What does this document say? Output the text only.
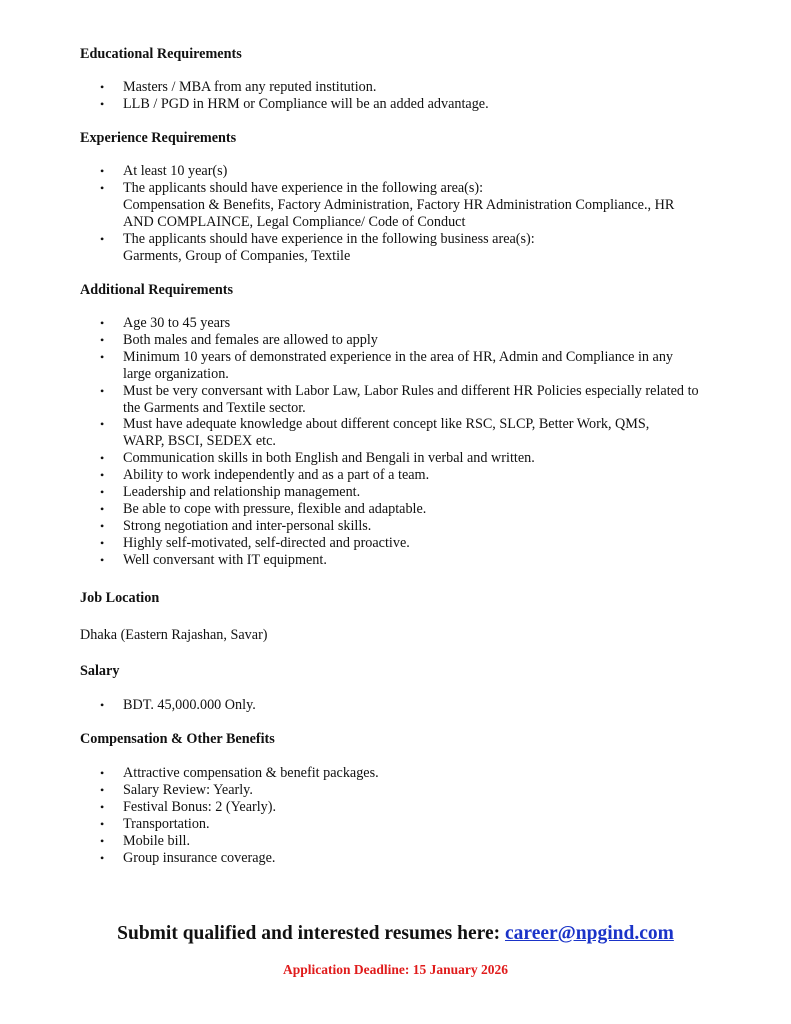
Educational Requirements
• Masters / MBA from any reputed institution.
• LLB / PGD in HRM or Compliance will be an added advantage.
Experience Requirements
• At least 10 year(s)
• The applicants should have experience in the following area(s):
Compensation & Benefits, Factory Administration, Factory HR Administration Compliance., HR AND COMPLAINCE, Legal Compliance/ Code of Conduct
• The applicants should have experience in the following business area(s):
Garments, Group of Companies, Textile
Additional Requirements
• Age 30 to 45 years
• Both males and females are allowed to apply
• Minimum 10 years of demonstrated experience in the area of HR, Admin and Compliance in any large organization.
• Must be very conversant with Labor Law, Labor Rules and different HR Policies especially related to the Garments and Textile sector.
• Must have adequate knowledge about different concept like RSC, SLCP, Better Work, QMS, WARP, BSCI, SEDEX etc.
• Communication skills in both English and Bengali in verbal and written.
• Ability to work independently and as a part of a team.
• Leadership and relationship management.
• Be able to cope with pressure, flexible and adaptable.
• Strong negotiation and inter-personal skills.
• Highly self-motivated, self-directed and proactive.
• Well conversant with IT equipment.
Job Location

Dhaka (Eastern Rajashan, Savar)

Salary
• BDT. 45,000.000 Only.
Compensation & Other Benefits
• Attractive compensation & benefit packages.
• Salary Review: Yearly.
• Festival Bonus: 2 (Yearly).
• Transportation.
• Mobile bill.
• Group insurance coverage.
Submit qualified and interested resumes here: career@npgind.com
Application Deadline: 15 January 2026
